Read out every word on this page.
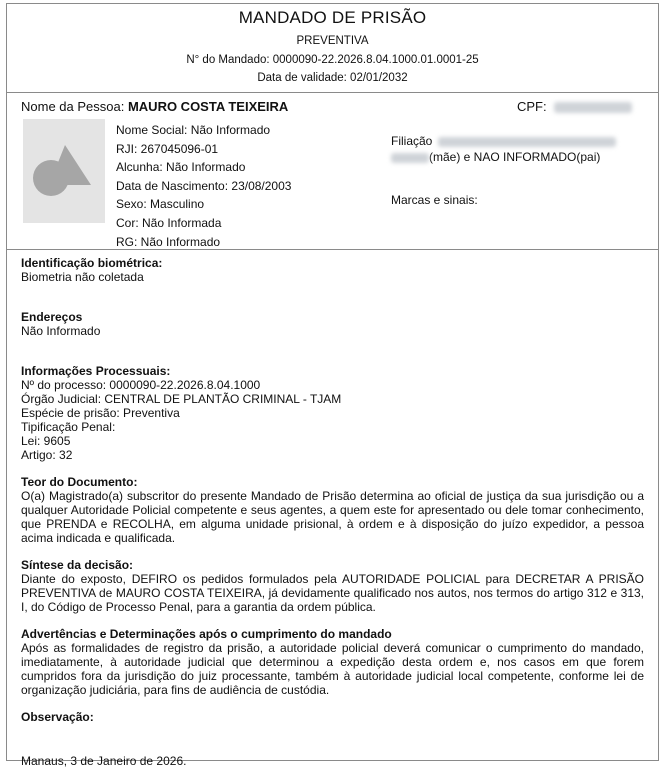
MANDADO DE PRISÃO
PREVENTIVA
N° do Mandado: 0000090-22.2026.8.04.1000.01.0001-25
Data de validade: 02/01/2032
Nome da Pessoa: MAURO COSTA TEIXEIRA	CPF:
Nome Social: Não Informado
RJI: 267045096-01
Alcunha: Não Informado
Data de Nascimento: 23/08/2003
Sexo: Masculino
Cor: Não Informada
RG: Não Informado
Filiação
(mãe) e NAO INFORMADO(pai)
Marcas e sinais:
Identificação biométrica:
Biometria não coletada
Endereços
Não Informado
Informações Processuais:
Nº do processo: 0000090-22.2026.8.04.1000
Órgão Judicial: CENTRAL DE PLANTÃO CRIMINAL - TJAM
Espécie de prisão: Preventiva
Tipificação Penal:
Lei: 9605
Artigo: 32
Teor do Documento:
O(a) Magistrado(a) subscritor do presente Mandado de Prisão determina ao oficial de justiça da sua jurisdição ou a qualquer Autoridade Policial competente e seus agentes, a quem este for apresentado ou dele tomar conhecimento, que PRENDA e RECOLHA, em alguma unidade prisional, à ordem e à disposição do juízo expedidor, a pessoa acima indicada e qualificada.
Síntese da decisão:
Diante do exposto, DEFIRO os pedidos formulados pela AUTORIDADE POLICIAL para DECRETAR A PRISÃO PREVENTIVA de MAURO COSTA TEIXEIRA, já devidamente qualificado nos autos, nos termos do artigo 312 e 313, I, do Código de Processo Penal, para a garantia da ordem pública.
Advertências e Determinações após o cumprimento do mandado
Após as formalidades de registro da prisão, a autoridade policial deverá comunicar o cumprimento do mandado, imediatamente, à autoridade judicial que determinou a expedição desta ordem e, nos casos em que forem cumpridos fora da jurisdição do juiz processante, também à autoridade judicial local competente, conforme lei de organização judiciária, para fins de audiência de custódia.
Observação:
Manaus, 3 de Janeiro de 2026.
